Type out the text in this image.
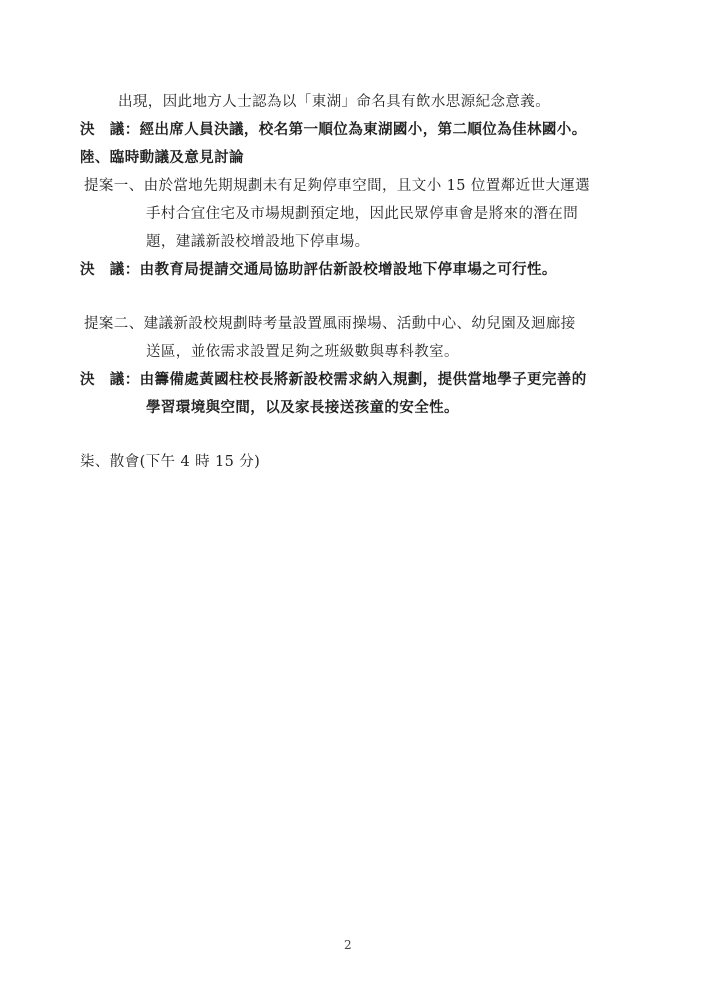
出現，因此地方人士認為以「東湖」命名具有飲水思源紀念意義。

決　議：經出席人員決議，校名第一順位為東湖國小，第二順位為佳林國小。

陸、臨時動議及意見討論

提案一、由於當地先期規劃未有足夠停車空間，且文小 15 位置鄰近世大運選

手村合宜住宅及市場規劃預定地，因此民眾停車會是將來的潛在問

題，建議新設校增設地下停車場。

決　議：由教育局提請交通局協助評估新設校增設地下停車場之可行性。

提案二、建議新設校規劃時考量設置風雨操場、活動中心、幼兒園及迴廊接

送區，並依需求設置足夠之班級數與專科教室。

決　議：由籌備處黃國柱校長將新設校需求納入規劃，提供當地學子更完善的

學習環境與空間，以及家長接送孩童的安全性。

柒、散會(下午 4 時 15 分)

2
